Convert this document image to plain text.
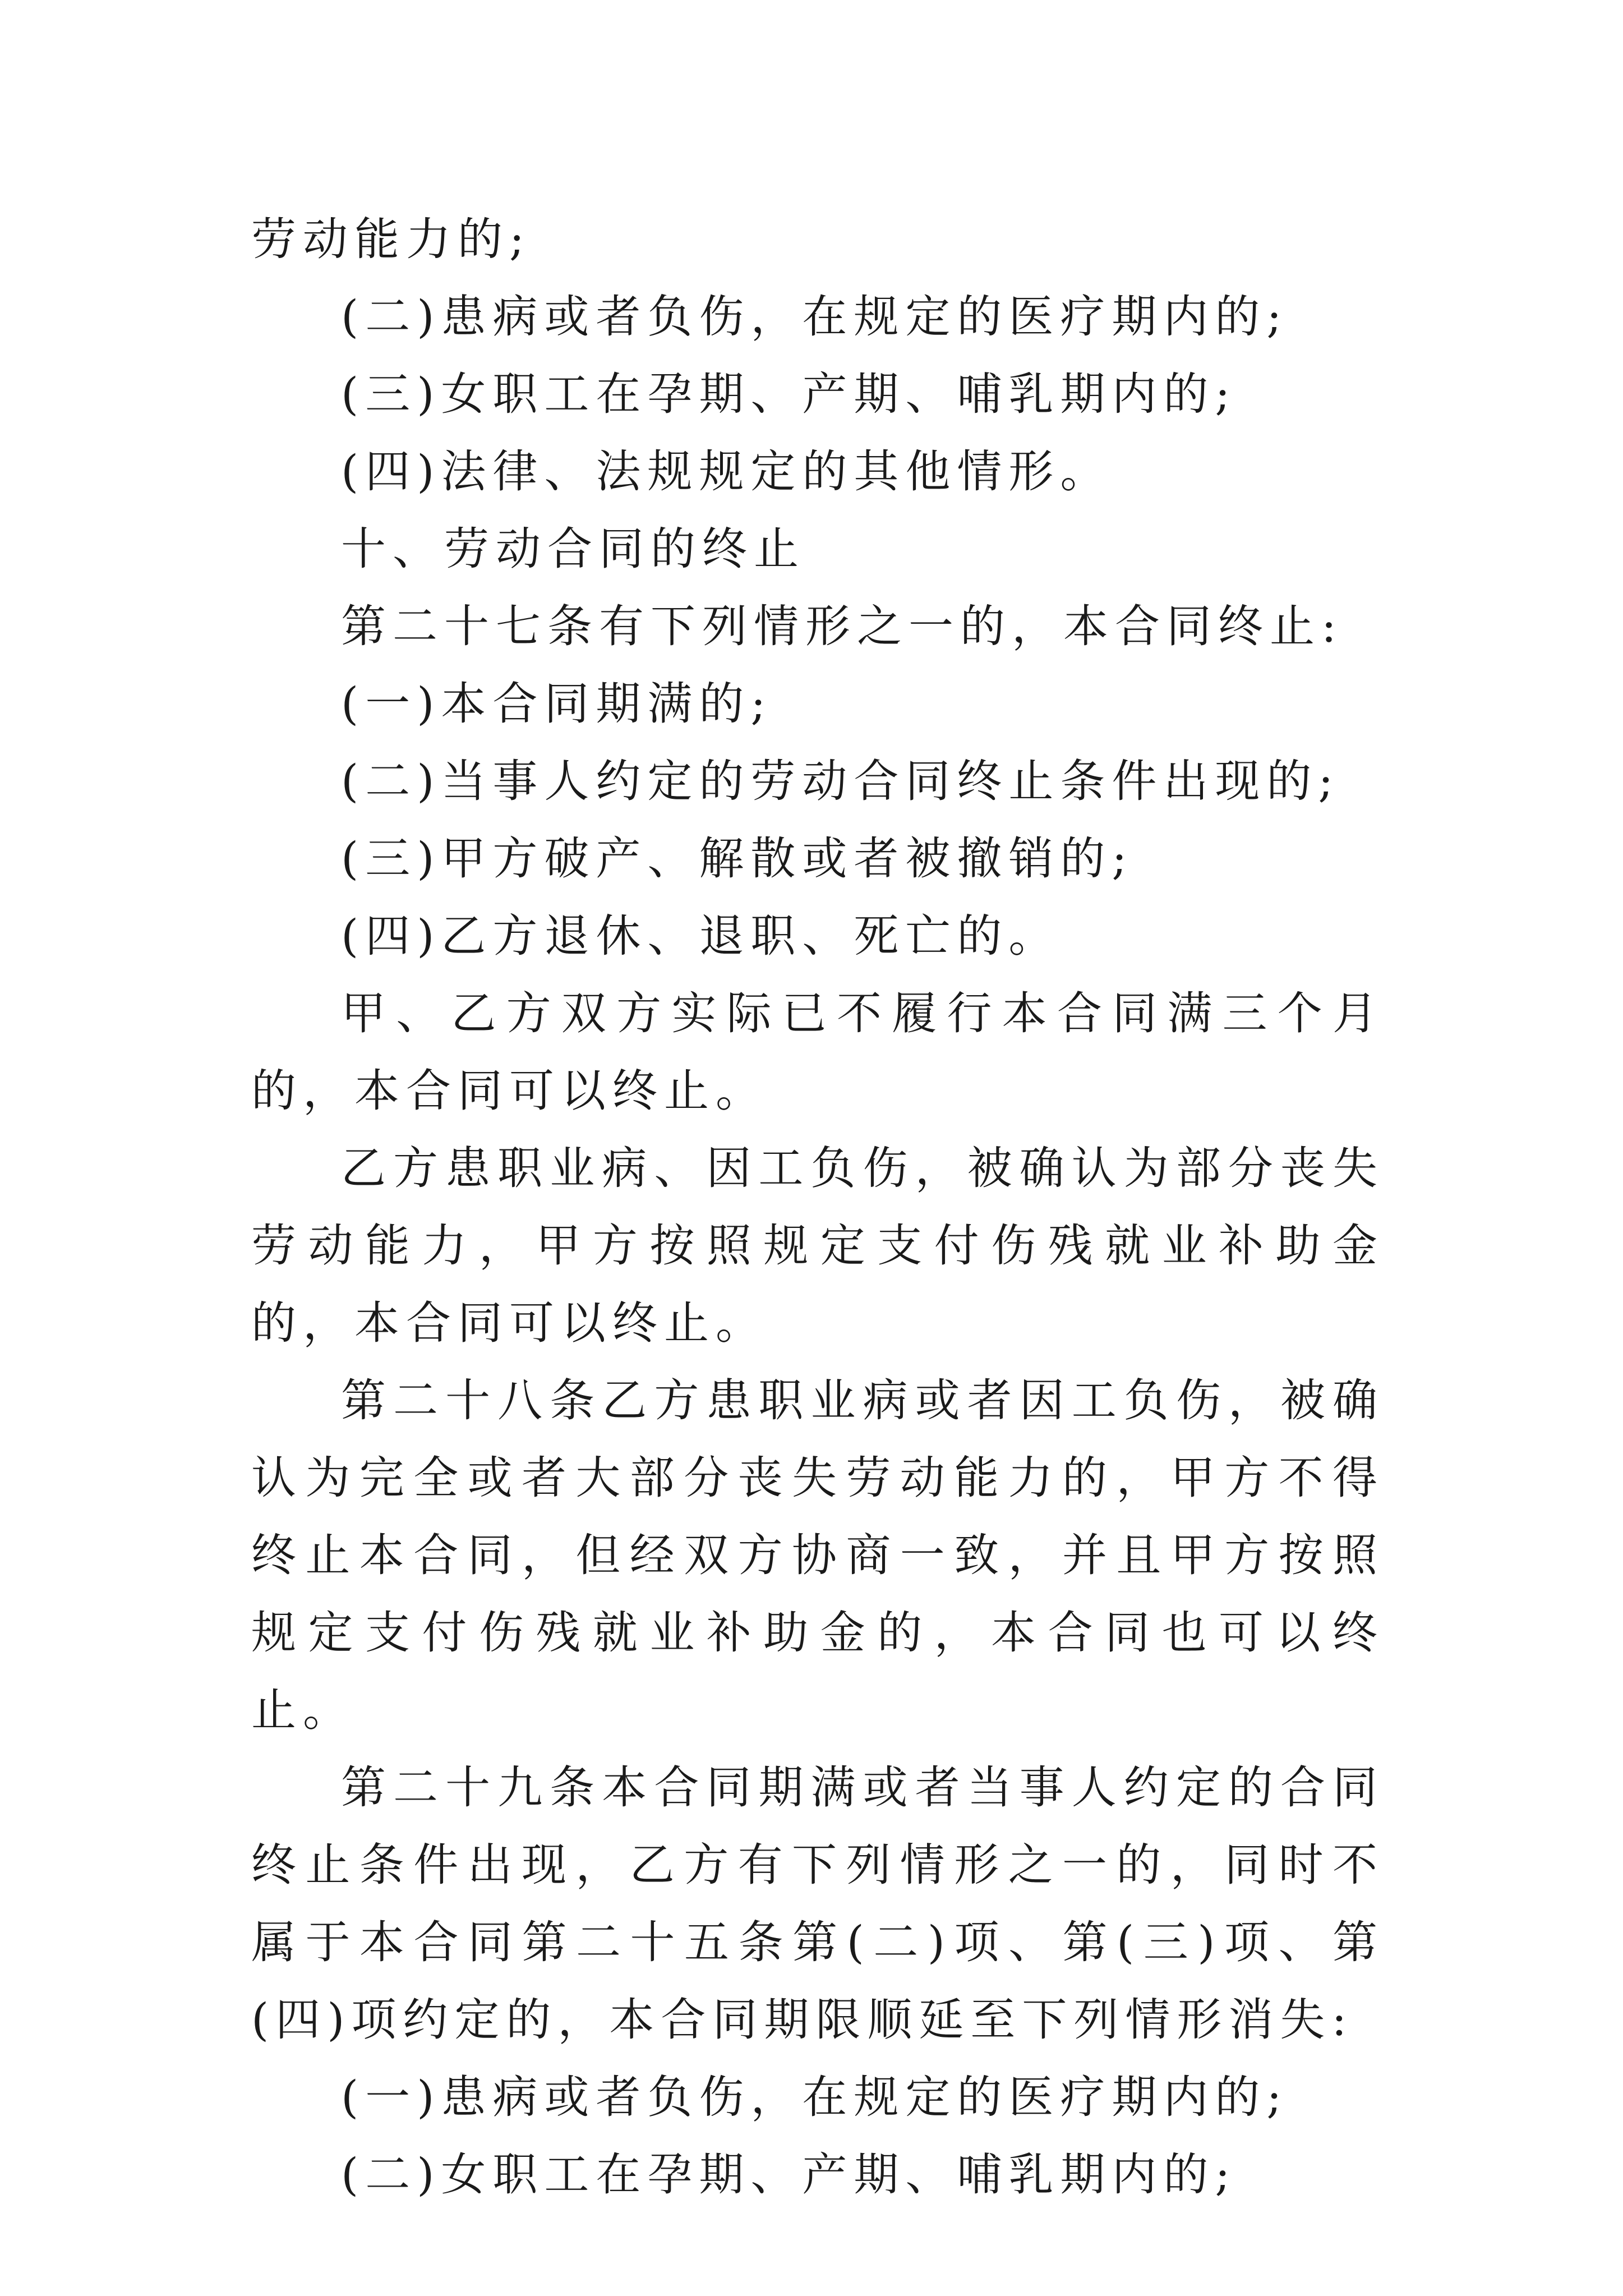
劳动能力的;

(二)患病或者负伤，在规定的医疗期内的;

(三)女职工在孕期、产期、哺乳期内的;

(四)法律、法规规定的其他情形。

十、劳动合同的终止

第二十七条有下列情形之一的，本合同终止:

(一)本合同期满的;

(二)当事人约定的劳动合同终止条件出现的;

(三)甲方破产、解散或者被撤销的;

(四)乙方退休、退职、死亡的。

甲、乙方双方实际已不履行本合同满三个月的，本合同可以终止。

乙方患职业病、因工负伤，被确认为部分丧失劳动能力，甲方按照规定支付伤残就业补助金的，本合同可以终止。

第二十八条乙方患职业病或者因工负伤，被确认为完全或者大部分丧失劳动能力的，甲方不得终止本合同，但经双方协商一致，并且甲方按照规定支付伤残就业补助金的，本合同也可以终止。

第二十九条本合同期满或者当事人约定的合同终止条件出现，乙方有下列情形之一的，同时不属于本合同第二十五条第(二)项、第(三)项、第(四)项约定的，本合同期限顺延至下列情形消失:

(一)患病或者负伤，在规定的医疗期内的;

(二)女职工在孕期、产期、哺乳期内的;
